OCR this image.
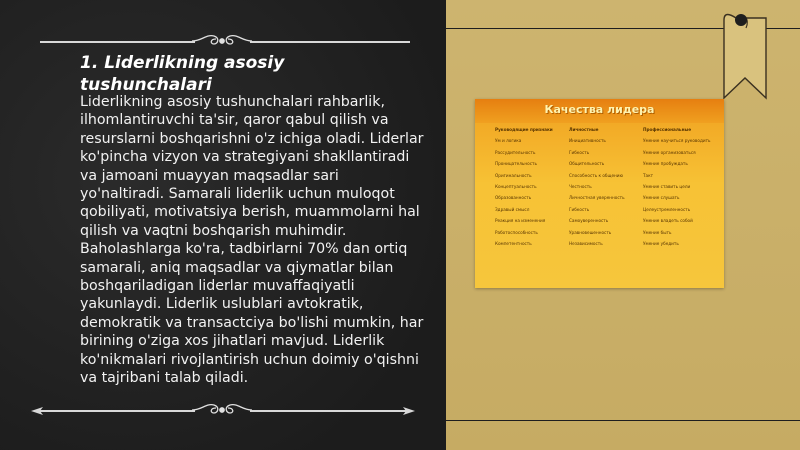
1. Liderlikning asosiy tushunchalari

Liderlikning asosiy tushunchalari rahbarlik, ilhomlantiruvchi ta'sir, qaror qabul qilish va resurslarni boshqarishni o'z ichiga oladi. Liderlar ko'pincha vizyon va strategiyani shakllantiradi va jamoani muayyan maqsadlar sari yo'naltiradi. Samarali liderlik uchun muloqot qobiliyati, motivatsiya berish, muammolarni hal qilish va vaqtni boshqarish muhimdir. Baholashlarga ko'ra, tadbirlarni 70% dan ortiq samarali, aniq maqsadlar va qiymatlar bilan boshqariladigan liderlar muvaffaqiyatli yakunlaydi. Liderlik uslublari avtokratik, demokratik va transactciya bo'lishi mumkin, har birining o'ziga xos jihatlari mavjud. Liderlik ko'nikmalari rivojlantirish uchun doimiy o'qishni va tajribani talab qiladi.

Качества лидера
Руководящие признаки	Личностные	Профессиональные
Ум и логика	Инициативность	Умение научиться руководить
Рассудительность	Гибкость	Умение организоваться
Проницательность	Общительность	Умение пробуждать
Оригинальность	Способность к общению	Такт
Концептуальность	Честность	Умение ставить цели
Образованность	Личностная уверенность	Умение слушать
Здравый смысл	Гибкость	Целеустремленность
Реакция на изменения	Самоуверенность	Умение владеть собой
Работоспособность	Уравновешенность	Умение быть
Компетентность	Независимость	Умение убедить
